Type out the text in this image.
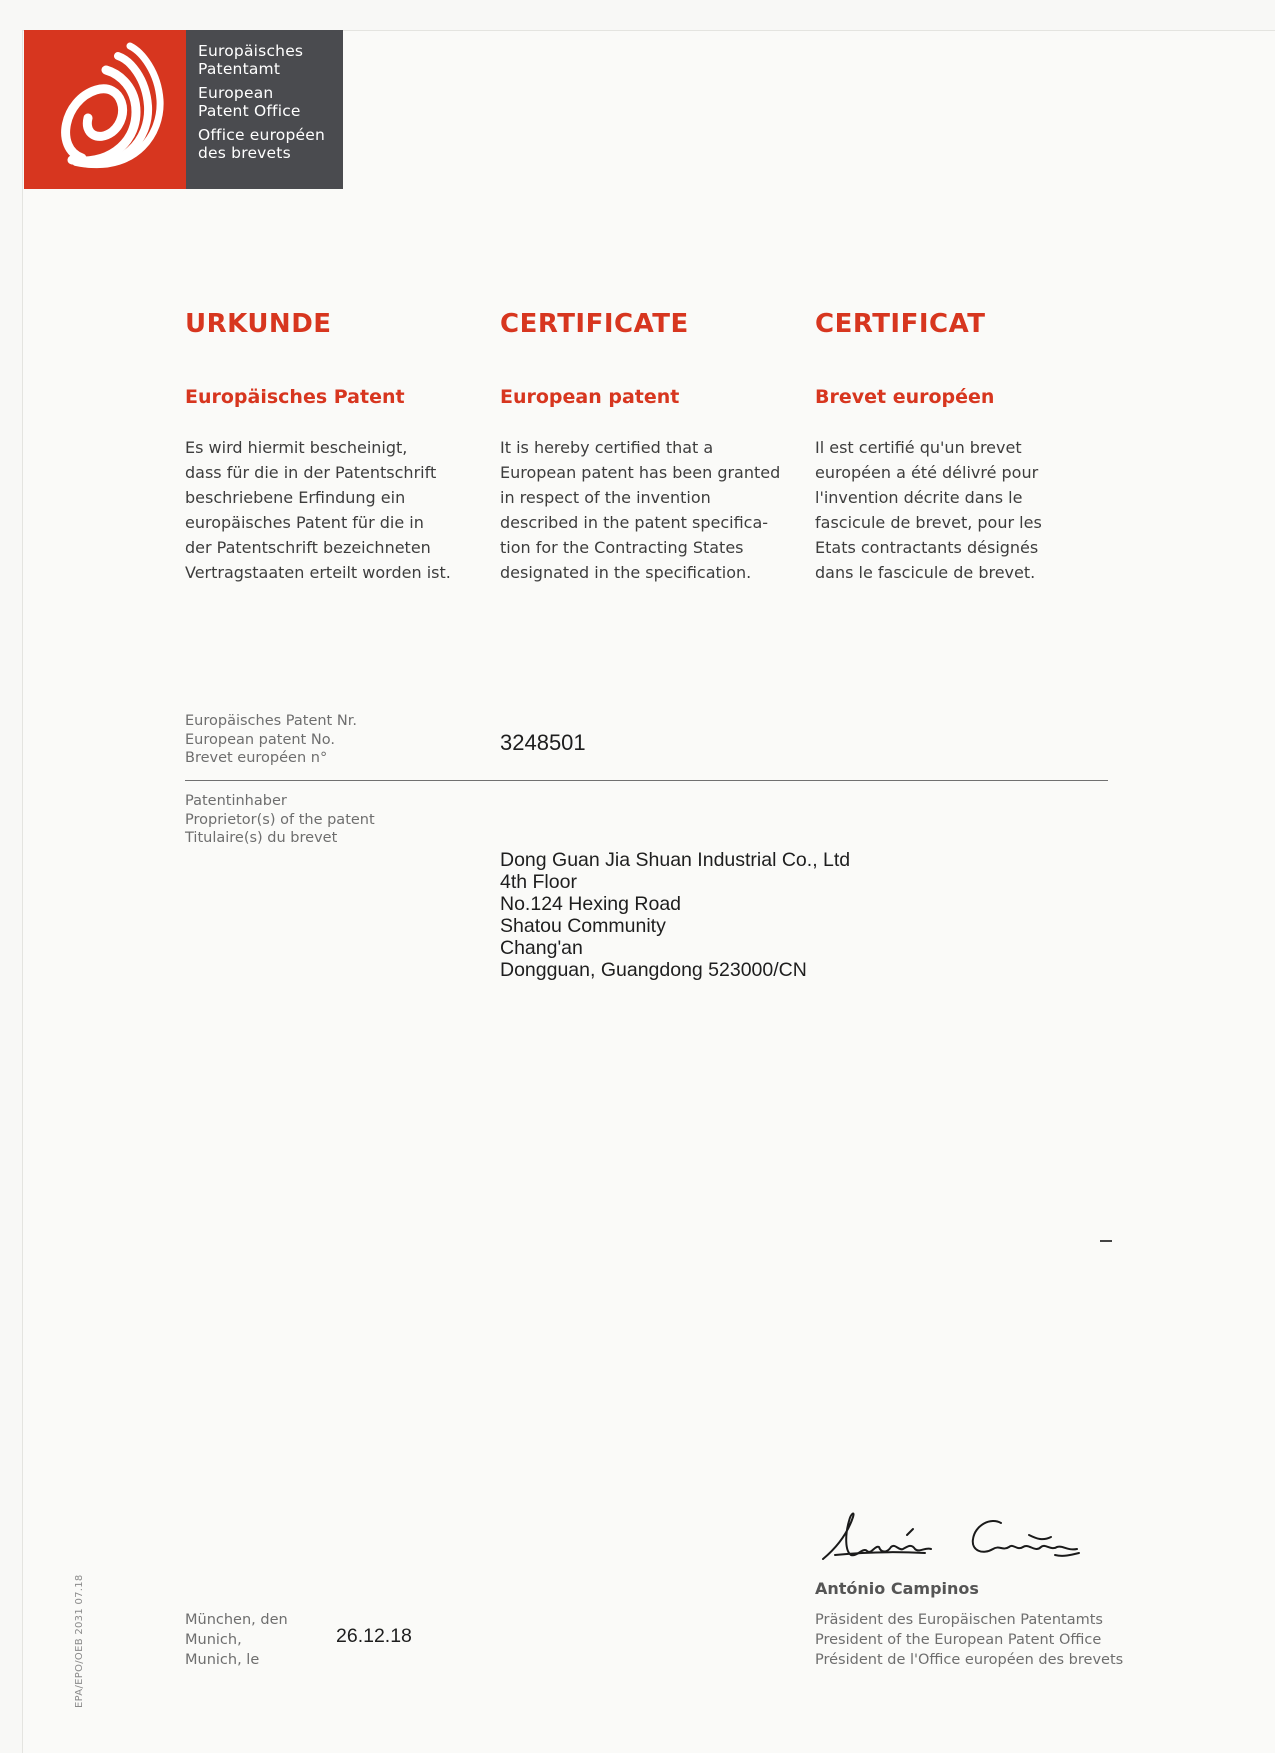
Europäisches
Patentamt
European
Patent Office
Office européen
des brevets
URKUNDE
Europäisches Patent

Es wird hiermit bescheinigt,
dass für die in der Patentschrift
beschriebene Erfindung ein
europäisches Patent für die in
der Patentschrift bezeichneten
Vertragstaaten erteilt worden ist.

CERTIFICATE
European patent

It is hereby certified that a
European patent has been granted
in respect of the invention
described in the patent specifica-
tion for the Contracting States
designated in the specification.

CERTIFICAT
Brevet européen

Il est certifié qu'un brevet
européen a été délivré pour
l'invention décrite dans le
fascicule de brevet, pour les
Etats contractants désignés
dans le fascicule de brevet.

Europäisches Patent Nr.
European patent No.
Brevet européen n°
3248501
Patentinhaber
Proprietor(s) of the patent
Titulaire(s) du brevet
Dong Guan Jia Shuan Industrial Co., Ltd
4th Floor
No.124 Hexing Road
Shatou Community
Chang'an
Dongguan, Guangdong 523000/CN
München, den
Munich,
Munich, le
26.12.18
António Campinos
Präsident des Europäischen Patentamts
President of the European Patent Office
Président de l'Office européen des brevets
EPA/EPO/OEB 2031 07.18
